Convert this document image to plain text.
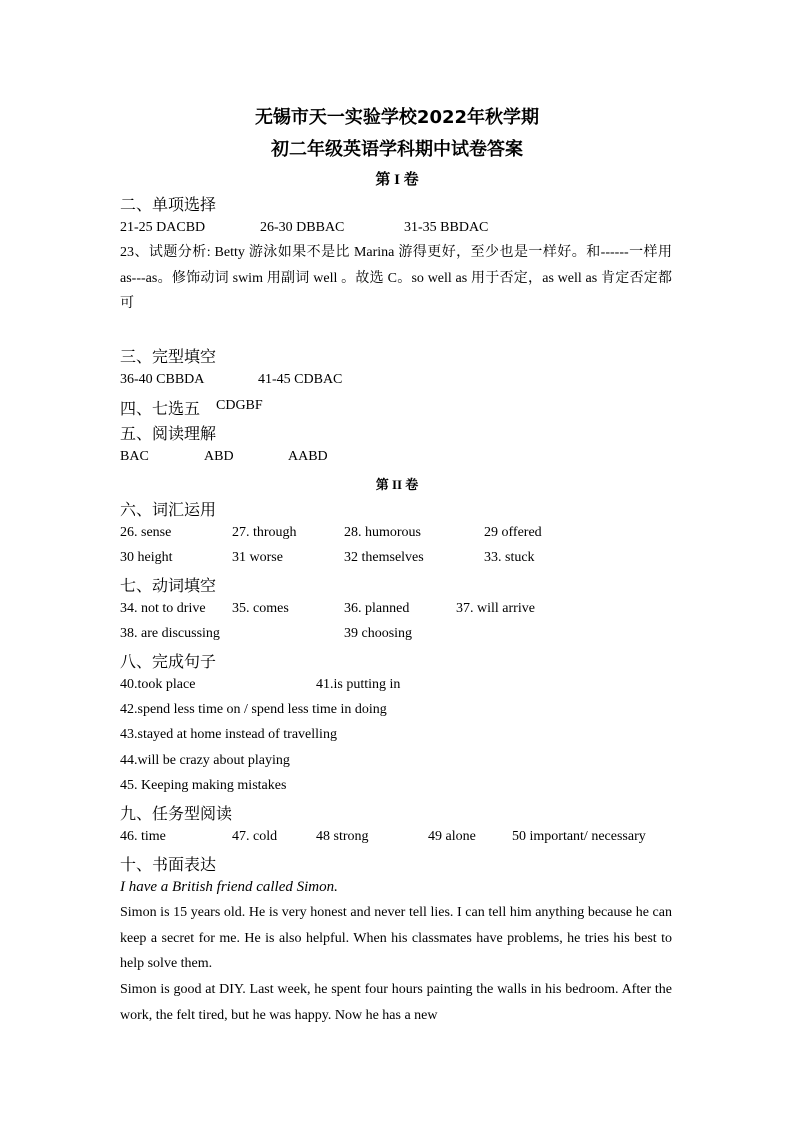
无锡市天一实验学校2022年秋学期
初二年级英语学科期中试卷答案
第 I 卷
二、单项选择
21-25 DACBD	26-30 DBBAC	31-35 BBDAC
23、试题分析: Betty 游泳如果不是比 Marina 游得更好，至少也是一样好。和------一样用 as---as。修饰动词 swim 用副词 well 。故选 C。so well as 用于否定，as well as 肯定否定都可
三、完型填空
36-40 CBBDA	41-45 CDBAC
四、七选五 CDGBF
五、阅读理解
BAC	ABD	AABD
第 II 卷
六、词汇运用
26. sense	27. through	28. humorous	29 offered
30 height	31 worse	32 themselves	33. stuck
七、动词填空
34. not to drive 35. comes	36. planned	37. will arrive
38. are discussing	39 choosing
八、完成句子
40.took place	41.is putting in
42.spend less time on / spend less time in doing
43.stayed at home instead of travelling
44.will be crazy about playing
45. Keeping making mistakes
九、任务型阅读
46. time	47. cold	48 strong	49 alone	50 important/ necessary
十、书面表达
I have a British friend called Simon.
Simon is 15 years old. He is very honest and never tell lies. I can tell him anything because he can keep a secret for me. He is also helpful. When his classmates have problems, he tries his best to help solve them.
Simon is good at DIY. Last week, he spent four hours painting the walls in his bedroom. After the work, the felt tired, but he was happy. Now he has a new
